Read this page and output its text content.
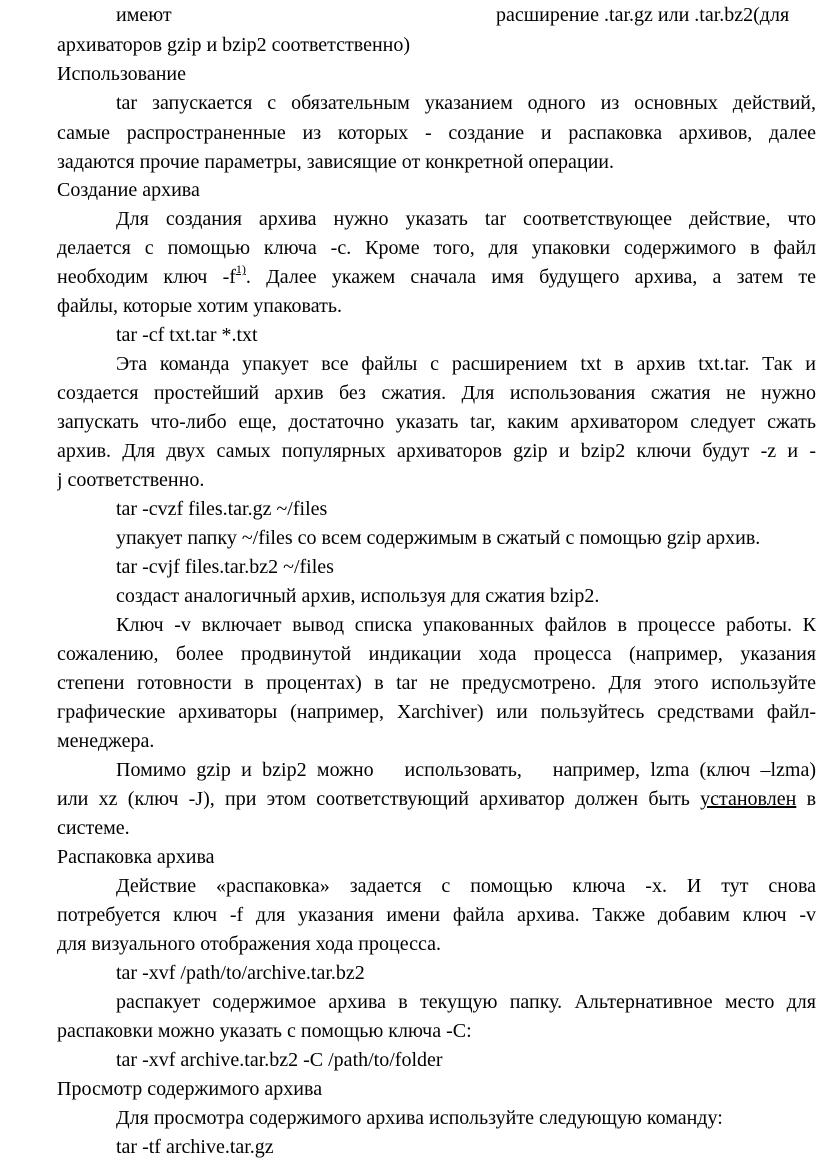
имеют	расширение .tar.gz или .tar.bz2(для
архиваторов gzip и bzip2 соответственно)
Использование
tar запускается с обязательным указанием одного из основных действий,
самые распространенные из которых - создание и распаковка архивов, далее
задаются прочие параметры, зависящие от конкретной операции.
Создание архива
Для создания архива нужно указать tar соответствующее действие, что
делается с помощью ключа -c. Кроме того, для упаковки содержимого в файл
необходим ключ $-f^{1)}$. Далее укажем сначала имя будущего архива, а затем те
файлы, которые хотим упаковать.
tar -cf txt.tar *.txt
Эта команда упакует все файлы с расширением txt в архив txt.tar. Так и
создается простейший архив без сжатия. Для использования сжатия не нужно
запускать что-либо еще, достаточно указать tar, каким архиватором следует сжать
архив. Для двух самых популярных архиваторов gzip и bzip2 ключи будут -z и -
j соответственно.
tar -cvzf files.tar.gz ~/files
упакует папку ~/files со всем содержимым в сжатый с помощью gzip архив.
tar -cvjf files.tar.bz2 ~/files
создаст аналогичный архив, используя для сжатия bzip2.
Ключ -v включает вывод списка упакованных файлов в процессе работы. К
сожалению, более продвинутой индикации хода процесса (например, указания
степени готовности в процентах) в tar не предусмотрено. Для этого используйте
графические архиваторы (например, Xarchiver) или пользуйтесь средствами файл-
менеджера.
Помимо gzip и bzip2 можно   использовать,   например, lzma (ключ –lzma)
или xz (ключ -J), при этом соответствующий архиватор должен быть установлен в
системе.
Распаковка архива
Действие «распаковка» задается с помощью ключа -x. И тут снова
потребуется ключ -f для указания имени файла архива. Также добавим ключ -v
для визуального отображения хода процесса.
tar -xvf /path/to/archive.tar.bz2
распакует содержимое архива в текущую папку. Альтернативное место для
распаковки можно указать с помощью ключа -C:
tar -xvf archive.tar.bz2 -C /path/to/folder
Просмотр содержимого архива
Для просмотра содержимого архива используйте следующую команду:
tar -tf archive.tar.gz
